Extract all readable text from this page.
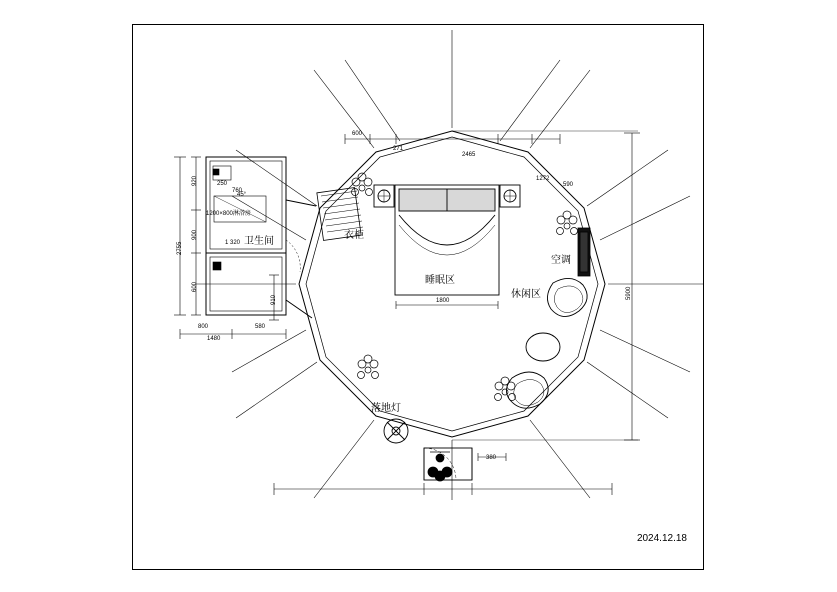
卫生间
衣柜
睡眠区
空调
休闲区
落地灯
5900
2755
1480
1800
600
271
2465
1272
590
920
900
600
1 320
800	580
910
760
250
380
1200×800淋浴房
45°
2024.12.18
